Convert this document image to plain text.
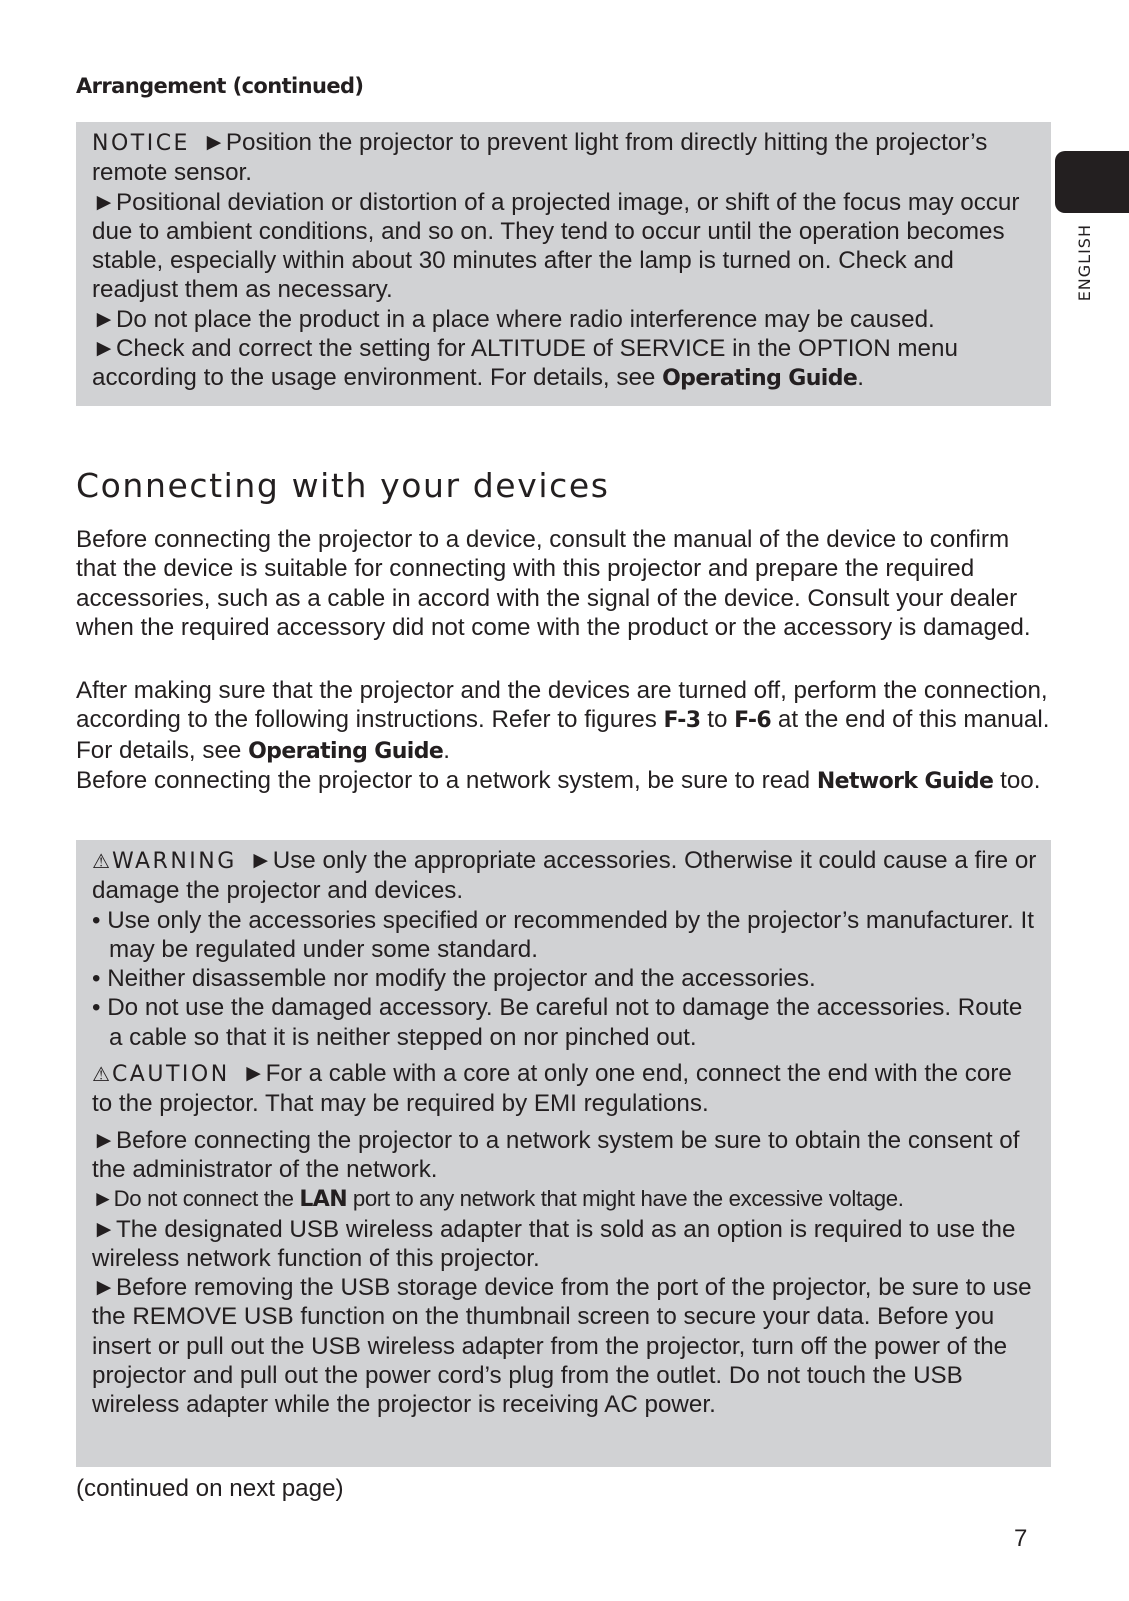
Arrangement (continued)

NOTICE ►Position the projector to prevent light from directly hitting the projector’s remote sensor.

►Positional deviation or distortion of a projected image, or shift of the focus may occur due to ambient conditions, and so on. They tend to occur until the operation becomes stable, especially within about 30 minutes after the lamp is turned on. Check and readjust them as necessary.

►Do not place the product in a place where radio interference may be caused.

►Check and correct the setting for ALTITUDE of SERVICE in the OPTION menu according to the usage environment. For details, see Operating Guide.

Connecting with your devices

Before connecting the projector to a device, consult the manual of the device to confirm that the device is suitable for connecting with this projector and prepare the required accessories, such as a cable in accord with the signal of the device. Consult your dealer when the required accessory did not come with the product or the accessory is damaged.

After making sure that the projector and the devices are turned off, perform the connection, according to the following instructions. Refer to figures F-3 to F-6 at the end of this manual. For details, see Operating Guide.

Before connecting the projector to a network system, be sure to read Network Guide too.

⚠WARNING ►Use only the appropriate accessories. Otherwise it could cause a fire or damage the projector and devices.

• Use only the accessories specified or recommended by the projector’s manufacturer. It may be regulated under some standard.

• Neither disassemble nor modify the projector and the accessories.

• Do not use the damaged accessory. Be careful not to damage the accessories. Route a cable so that it is neither stepped on nor pinched out.

⚠CAUTION ►For a cable with a core at only one end, connect the end with the core to the projector. That may be required by EMI regulations.

►Before connecting the projector to a network system be sure to obtain the consent of the administrator of the network.

►Do not connect the LAN port to any network that might have the excessive voltage.

►The designated USB wireless adapter that is sold as an option is required to use the wireless network function of this projector.

►Before removing the USB storage device from the port of the projector, be sure to use the REMOVE USB function on the thumbnail screen to secure your data. Before you insert or pull out the USB wireless adapter from the projector, turn off the power of the projector and pull out the power cord’s plug from the outlet. Do not touch the USB wireless adapter while the projector is receiving AC power.

(continued on next page)
7
ENGLISH
